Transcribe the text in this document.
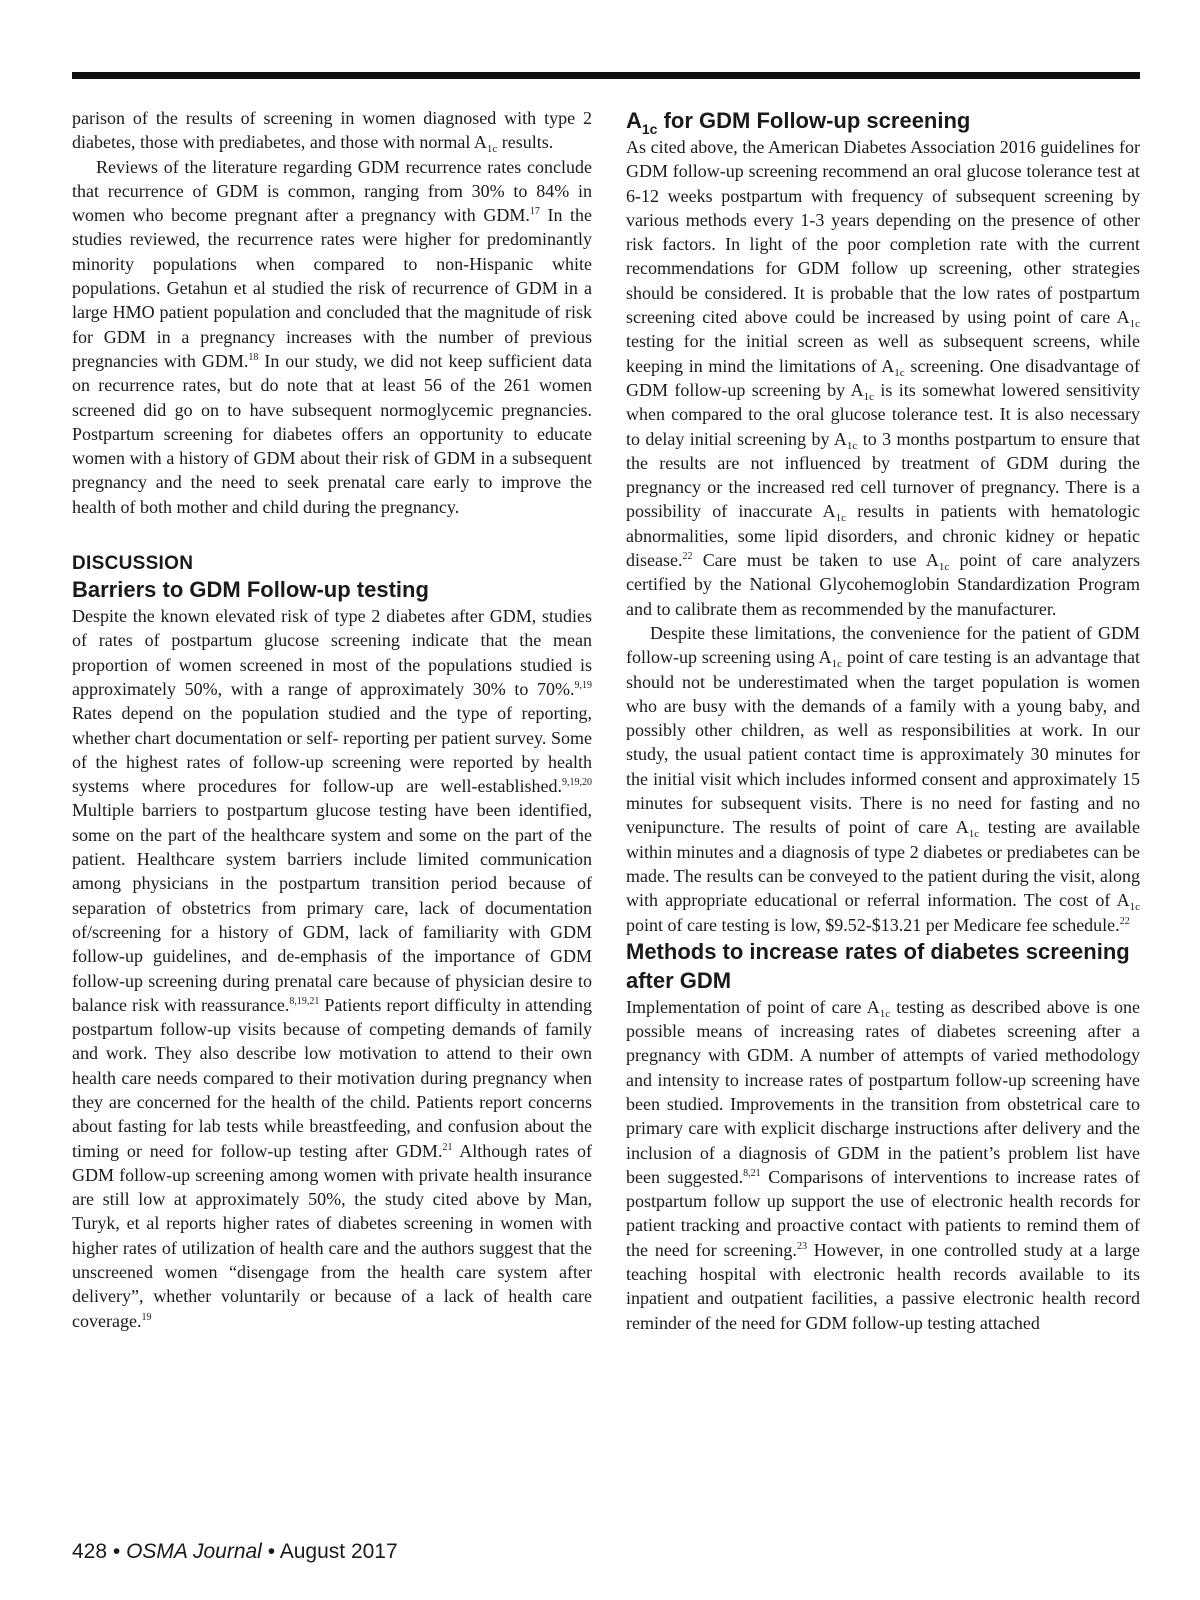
parison of the results of screening in women diagnosed with type 2 diabetes, those with prediabetes, and those with normal $A_{1c}$ results.

Reviews of the literature regarding GDM recurrence rates conclude that recurrence of GDM is common, ranging from 30% to 84% in women who become pregnant after a pregnancy with GDM.$^{17}$ In the studies reviewed, the recurrence rates were higher for predominantly minority populations when compared to non-Hispanic white populations. Getahun et al studied the risk of recurrence of GDM in a large HMO patient population and concluded that the magnitude of risk for GDM in a pregnancy increases with the number of previous pregnancies with GDM.$^{18}$ In our study, we did not keep sufficient data on recurrence rates, but do note that at least 56 of the 261 women screened did go on to have subsequent normoglycemic pregnancies. Postpartum screening for diabetes offers an opportunity to educate women with a history of GDM about their risk of GDM in a subsequent pregnancy and the need to seek prenatal care early to improve the health of both mother and child during the pregnancy.

DISCUSSION
Barriers to GDM Follow-up testing

Despite the known elevated risk of type 2 diabetes after GDM, studies of rates of postpartum glucose screening indicate that the mean proportion of women screened in most of the populations studied is approximately 50%, with a range of approximately 30% to 70%.$^{9,19}$ Rates depend on the population studied and the type of reporting, whether chart documentation or self- reporting per patient survey. Some of the highest rates of follow-up screening were reported by health systems where procedures for follow-up are well-established.$^{9,19,20}$ Multiple barriers to postpartum glucose testing have been identified, some on the part of the healthcare system and some on the part of the patient. Healthcare system barriers include limited communication among physicians in the postpartum transition period because of separation of obstetrics from primary care, lack of documentation of/screening for a history of GDM, lack of familiarity with GDM follow-up guidelines, and de-emphasis of the importance of GDM follow-up screening during prenatal care because of physician desire to balance risk with reassurance.$^{8,19,21}$ Patients report difficulty in attending postpartum follow-up visits because of competing demands of family and work. They also describe low motivation to attend to their own health care needs compared to their motivation during pregnancy when they are concerned for the health of the child. Patients report concerns about fasting for lab tests while breastfeeding, and confusion about the timing or need for follow-up testing after GDM.$^{21}$ Although rates of GDM follow-up screening among women with private health insurance are still low at approximately 50%, the study cited above by Man, Turyk, et al reports higher rates of diabetes screening in women with higher rates of utilization of health care and the authors suggest that the unscreened women “disengage from the health care system after delivery”, whether voluntarily or because of a lack of health care coverage.$^{19}$

$A_{1c}$ for GDM Follow-up screening

As cited above, the American Diabetes Association 2016 guidelines for GDM follow-up screening recommend an oral glucose tolerance test at 6-12 weeks postpartum with frequency of subsequent screening by various methods every 1-3 years depending on the presence of other risk factors. In light of the poor completion rate with the current recommendations for GDM follow up screening, other strategies should be considered. It is probable that the low rates of postpartum screening cited above could be increased by using point of care $A_{1c}$ testing for the initial screen as well as subsequent screens, while keeping in mind the limitations of $A_{1c}$ screening. One disadvantage of GDM follow-up screening by $A_{1c}$ is its somewhat lowered sensitivity when compared to the oral glucose tolerance test. It is also necessary to delay initial screening by $A_{1c}$ to 3 months postpartum to ensure that the results are not influenced by treatment of GDM during the pregnancy or the increased red cell turnover of pregnancy. There is a possibility of inaccurate $A_{1c}$ results in patients with hematologic abnormalities, some lipid disorders, and chronic kidney or hepatic disease.$^{22}$ Care must be taken to use $A_{1c}$ point of care analyzers certified by the National Glycohemoglobin Standardization Program and to calibrate them as recommended by the manufacturer.

Despite these limitations, the convenience for the patient of GDM follow-up screening using $A_{1c}$ point of care testing is an advantage that should not be underestimated when the target population is women who are busy with the demands of a family with a young baby, and possibly other children, as well as responsibilities at work. In our study, the usual patient contact time is approximately 30 minutes for the initial visit which includes informed consent and approximately 15 minutes for subsequent visits. There is no need for fasting and no venipuncture. The results of point of care $A_{1c}$ testing are available within minutes and a diagnosis of type 2 diabetes or prediabetes can be made. The results can be conveyed to the patient during the visit, along with appropriate educational or referral information. The cost of $A_{1c}$ point of care testing is low, $9.52-$13.21 per Medicare fee schedule.$^{22}$

Methods to increase rates of diabetes screening after GDM

Implementation of point of care $A_{1c}$ testing as described above is one possible means of increasing rates of diabetes screening after a pregnancy with GDM. A number of attempts of varied methodology and intensity to increase rates of postpartum follow-up screening have been studied. Improvements in the transition from obstetrical care to primary care with explicit discharge instructions after delivery and the inclusion of a diagnosis of GDM in the patient’s problem list have been suggested.$^{8,21}$ Comparisons of interventions to increase rates of postpartum follow up support the use of electronic health records for patient tracking and proactive contact with patients to remind them of the need for screening.$^{23}$ However, in one controlled study at a large teaching hospital with electronic health records available to its inpatient and outpatient facilities, a passive electronic health record reminder of the need for GDM follow-up testing attached

428 • OSMA Journal • August 2017
